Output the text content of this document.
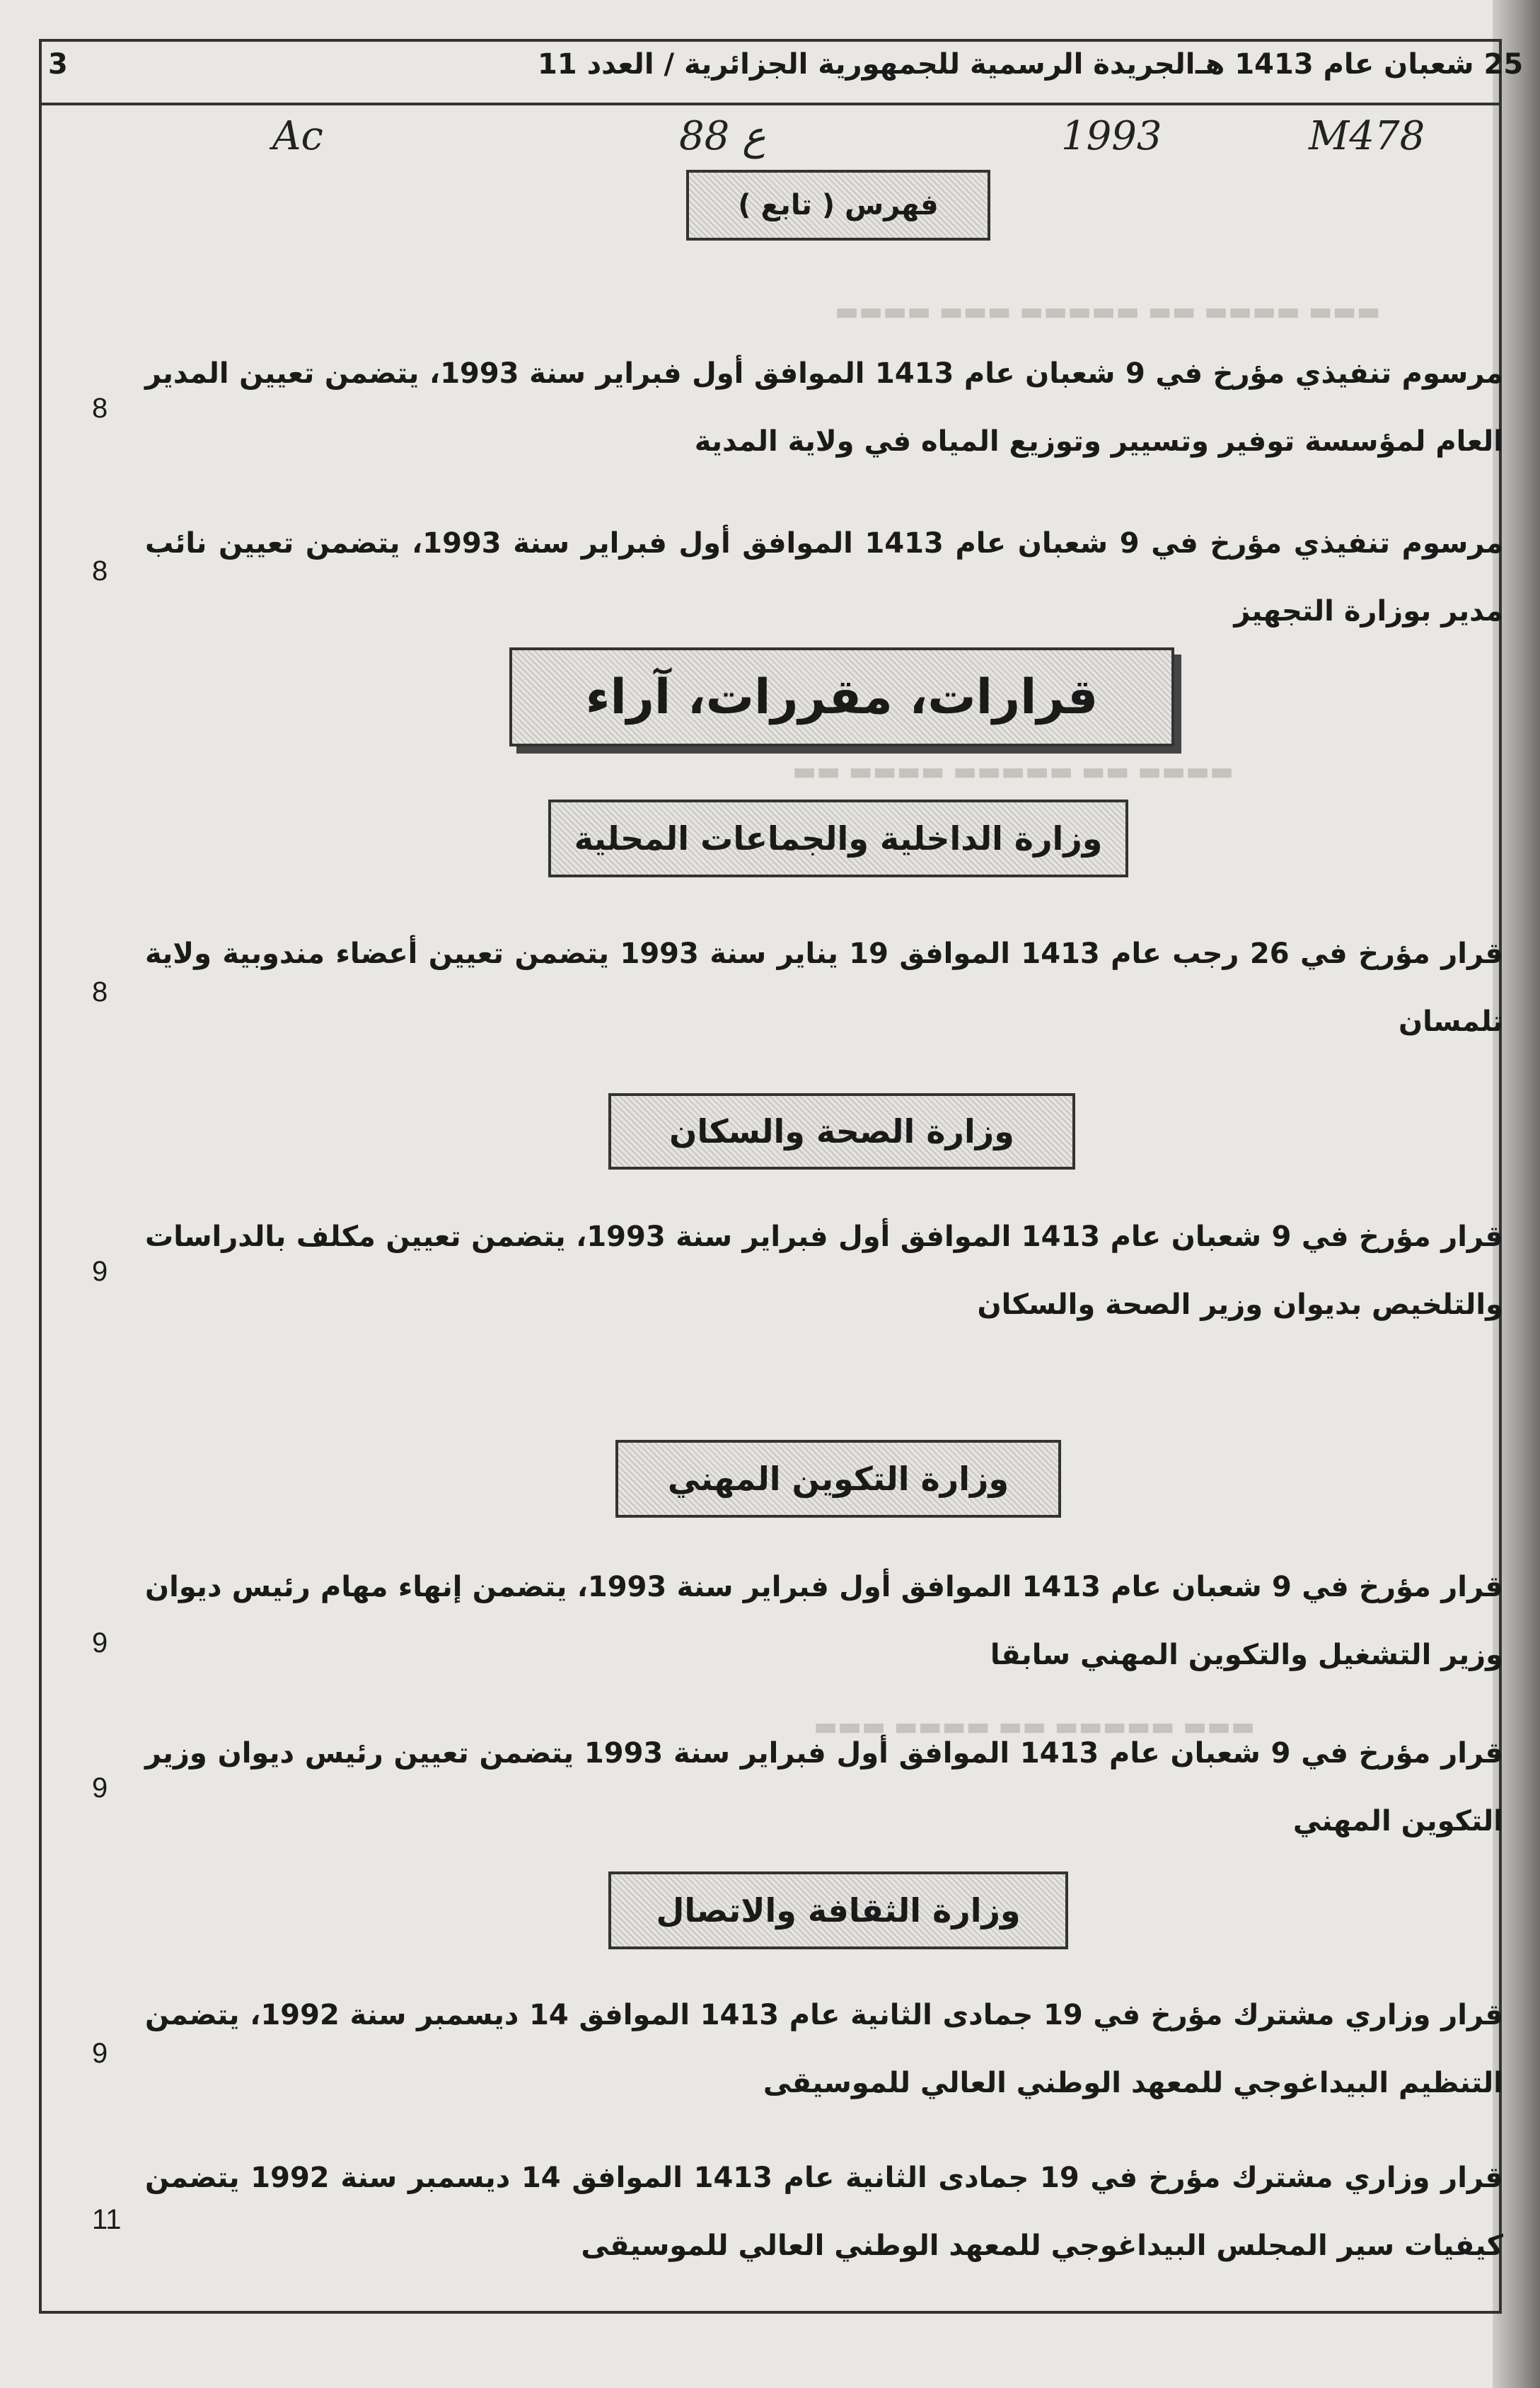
▬▬▬ ▬▬▬▬ ▬▬ ▬▬▬▬▬ ▬▬▬ ▬▬▬▬
▬▬▬▬ ▬▬ ▬▬▬▬▬ ▬▬▬▬ ▬▬
▬▬▬ ▬▬▬▬▬ ▬▬ ▬▬▬▬ ▬▬▬
3	الجريدة الرسمية للجمهورية الجزائرية / العدد 11 25 شعبان عام 1413 هـ
Ac	88 ع	1993	M478
فهرس ( تابع )
مرسوم تنفيذي مؤرخ في 9 شعبان عام 1413 الموافق أول فبراير سنة 1993، يتضمن تعيين المدير العام لمؤسسة توفير وتسيير وتوزيع المياه في ولاية المدية
8
مرسوم تنفيذي مؤرخ في 9 شعبان عام 1413 الموافق أول فبراير سنة 1993، يتضمن تعيين نائب مدير بوزارة التجهيز
8
قرارات، مقررات، آراء
وزارة الداخلية والجماعات المحلية
قرار مؤرخ في 26 رجب عام 1413 الموافق 19 يناير سنة 1993 يتضمن تعيين أعضاء مندوبية ولاية تلمسان
8
وزارة الصحة والسكان
قرار مؤرخ في 9 شعبان عام 1413 الموافق أول فبراير سنة 1993، يتضمن تعيين مكلف بالدراسات والتلخيص بديوان وزير الصحة والسكان
9
وزارة التكوين المهني
قرار مؤرخ في 9 شعبان عام 1413 الموافق أول فبراير سنة 1993، يتضمن إنهاء مهام رئيس ديوان وزير التشغيل والتكوين المهني سابقا
9
قرار مؤرخ في 9 شعبان عام 1413 الموافق أول فبراير سنة 1993 يتضمن تعيين رئيس ديوان وزير التكوين المهني
9
وزارة الثقافة والاتصال
قرار وزاري مشترك مؤرخ في 19 جمادى الثانية عام 1413 الموافق 14 ديسمبر سنة 1992، يتضمن التنظيم البيداغوجي للمعهد الوطني العالي للموسيقى
9
قرار وزاري مشترك مؤرخ في 19 جمادى الثانية عام 1413 الموافق 14 ديسمبر سنة 1992 يتضمن كيفيات سير المجلس البيداغوجي للمعهد الوطني العالي للموسيقى
11
